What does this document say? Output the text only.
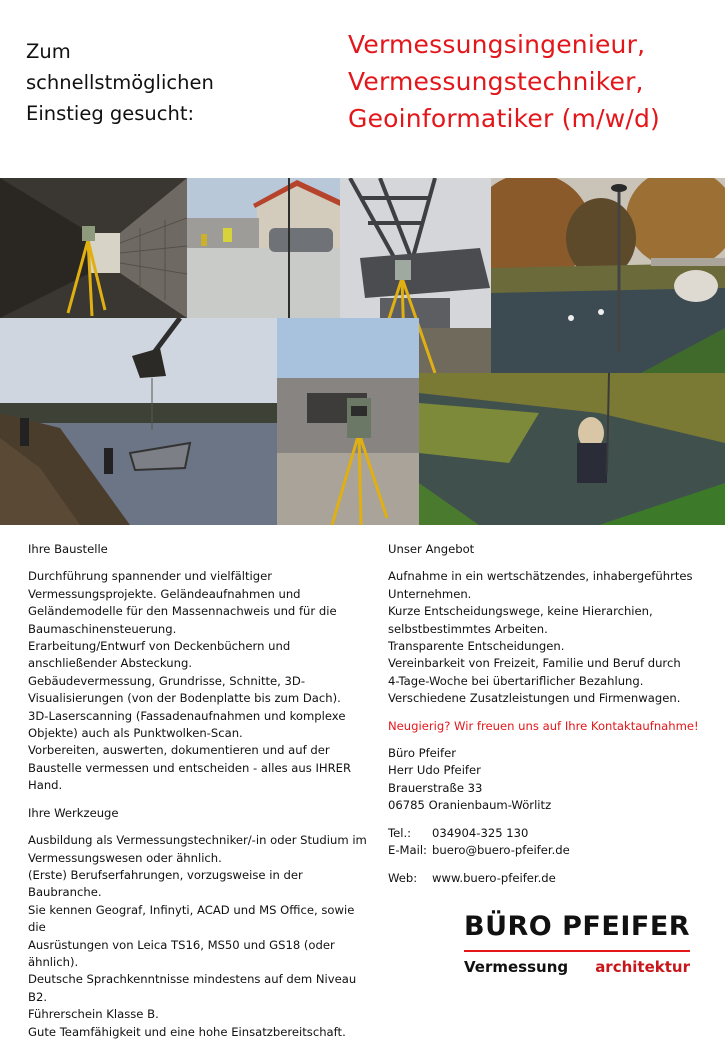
Zum
schnellstmöglichen
Einstieg gesucht:
Vermessungsingenieur,
Vermessungstechniker,
Geoinformatiker (m/w/d)

Ihre Baustelle

Durchführung spannender und vielfältiger

Vermessungsprojekte. Geländeaufnahmen und

Geländemodelle für den Massennachweis und für die

Baumaschinensteuerung.

Erarbeitung/Entwurf von Deckenbüchern und

anschließender Absteckung.

Gebäudevermessung, Grundrisse, Schnitte, 3D-

Visualisierungen (von der Bodenplatte bis zum Dach).

3D-Laserscanning (Fassadenaufnahmen und komplexe

Objekte) auch als Punktwolken-Scan.

Vorbereiten, auswerten, dokumentieren und auf der

Baustelle vermessen und entscheiden - alles aus IHRER

Hand.

Ihre Werkzeuge

Ausbildung als Vermessungstechniker/-in oder Studium im

Vermessungswesen oder ähnlich.

(Erste) Berufserfahrungen, vorzugsweise in der

Baubranche.

Sie kennen Geograf, Infinyti, ACAD und MS Office, sowie die

Ausrüstungen von Leica TS16, MS50 und GS18 (oder ähnlich).

Deutsche Sprachkenntnisse mindestens auf dem Niveau B2.

Führerschein Klasse B.

Gute Teamfähigkeit und eine hohe Einsatzbereitschaft.

Unser Angebot

Aufnahme in ein wertschätzendes, inhabergeführtes

Unternehmen.

Kurze Entscheidungswege, keine Hierarchien,

selbstbestimmtes Arbeiten.

Transparente Entscheidungen.

Vereinbarkeit von Freizeit, Familie und Beruf durch

4-Tage-Woche bei übertariflicher Bezahlung.

Verschiedene Zusatzleistungen und Firmenwagen.

Neugierig? Wir freuen uns auf Ihre Kontaktaufnahme!

Büro Pfeifer

Herr Udo Pfeifer

Brauerstraße 33

06785 Oranienbaum-Wörlitz

Tel.:	034904-325 130
E-Mail: buero@buero-pfeifer.de
Web:	www.buero-pfeifer.de
BÜRO PFEIFER
Vermessung architektur
